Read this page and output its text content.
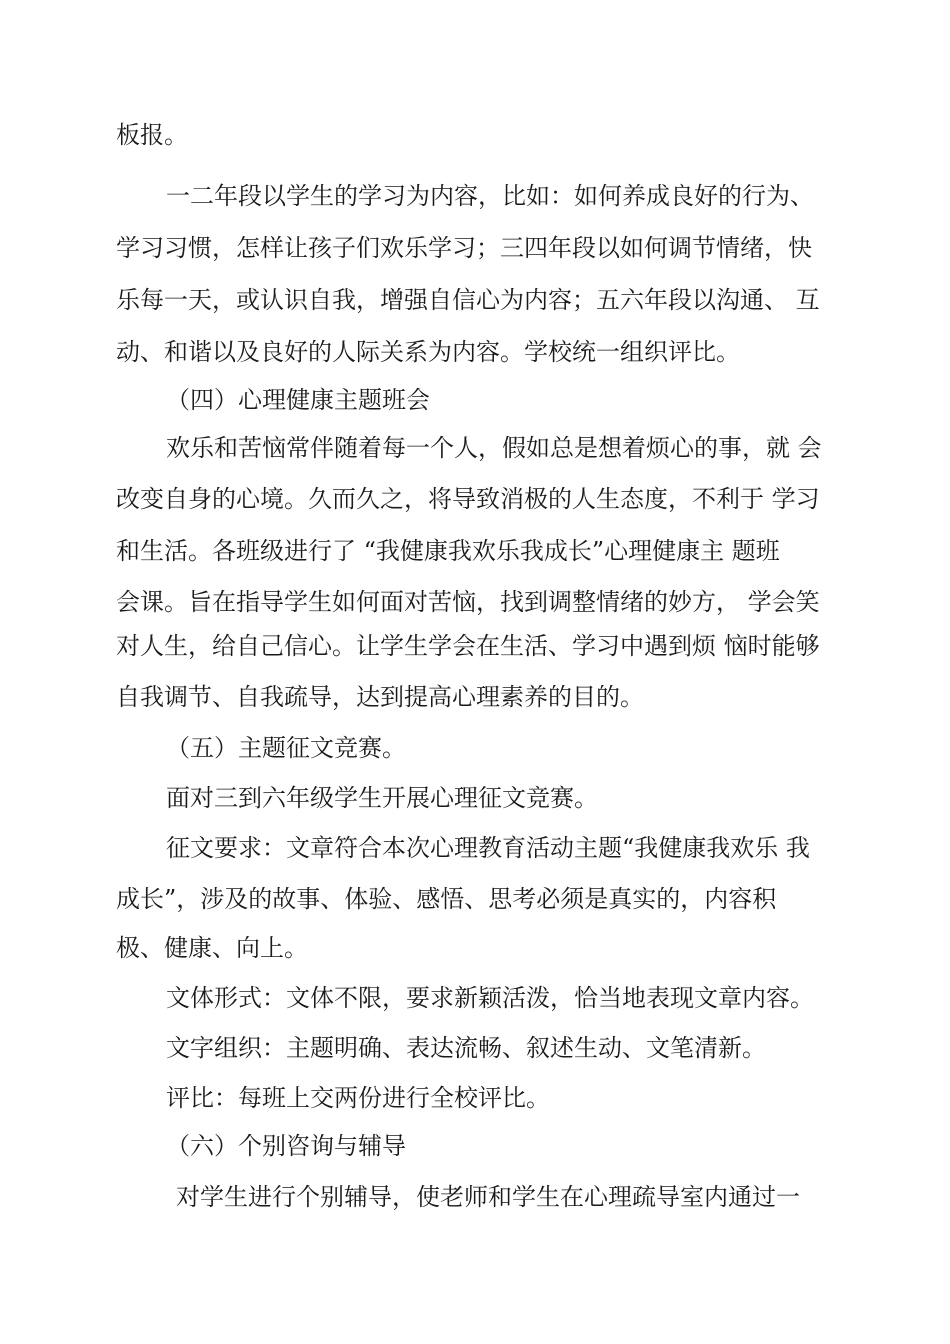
板报。
一二年段以学生的学习为内容，比如：如何养成良好的行为、
学习习惯，怎样让孩子们欢乐学习；三四年段以如何调节情绪，快
乐每一天，或认识自我，增强自信心为内容；五六年段以沟通、 互
动、和谐以及良好的人际关系为内容。学校统一组织评比。
（四）心理健康主题班会
欢乐和苦恼常伴随着每一个人，假如总是想着烦心的事，就 会
改变自身的心境。久而久之，将导致消极的人生态度，不利于 学习
和生活。各班级进行了 “我健康我欢乐我成长”心理健康主 题班
会课。旨在指导学生如何面对苦恼，找到调整情绪的妙方， 学会笑
对人生，给自己信心。让学生学会在生活、学习中遇到烦 恼时能够
自我调节、自我疏导，达到提高心理素养的目的。
（五）主题征文竞赛。
面对三到六年级学生开展心理征文竞赛。
征文要求：文章符合本次心理教育活动主题“我健康我欢乐 我
成长”，涉及的故事、体验、感悟、思考必须是真实的，内容积
极、健康、向上。
文体形式：文体不限，要求新颖活泼，恰当地表现文章内容。
文字组织：主题明确、表达流畅、叙述生动、文笔清新。
评比：每班上交两份进行全校评比。
（六）个别咨询与辅导
对学生进行个别辅导，使老师和学生在心理疏导室内通过一
